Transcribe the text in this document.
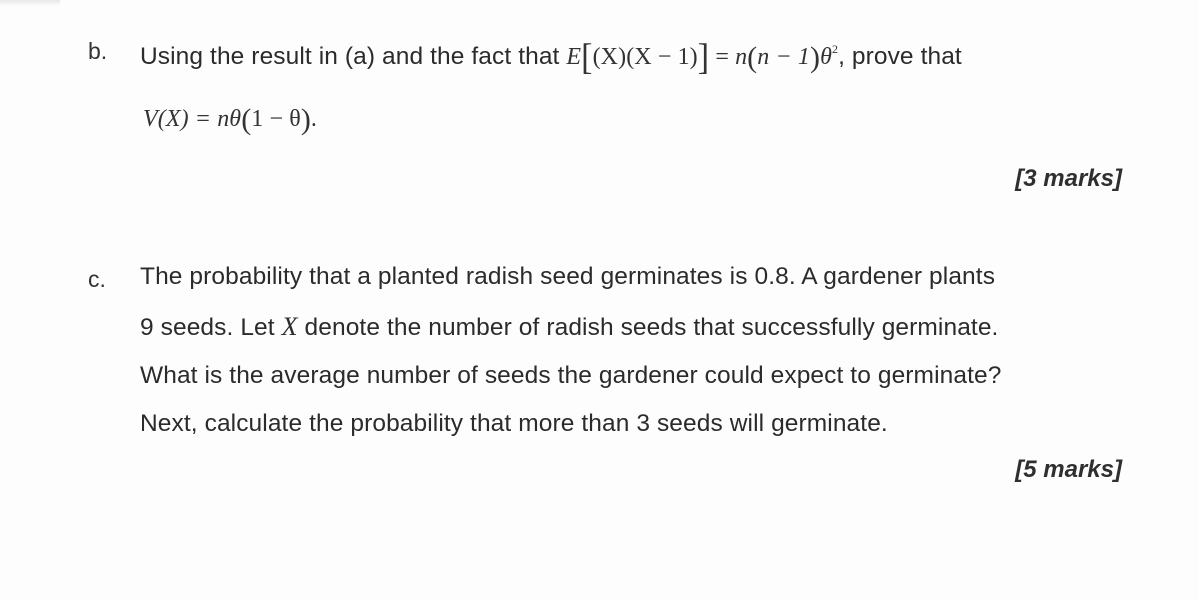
b. Using the result in (a) and the fact that $E[(X)(X - 1)] = n(n - 1)\theta^2$, prove that
V(X) = nθ(1 − θ).
[3 marks]
c. The probability that a planted radish seed germinates is 0.8. A gardener plants
9 seeds. Let X denote the number of radish seeds that successfully germinate.
What is the average number of seeds the gardener could expect to germinate?
Next, calculate the probability that more than 3 seeds will germinate.
[5 marks]
